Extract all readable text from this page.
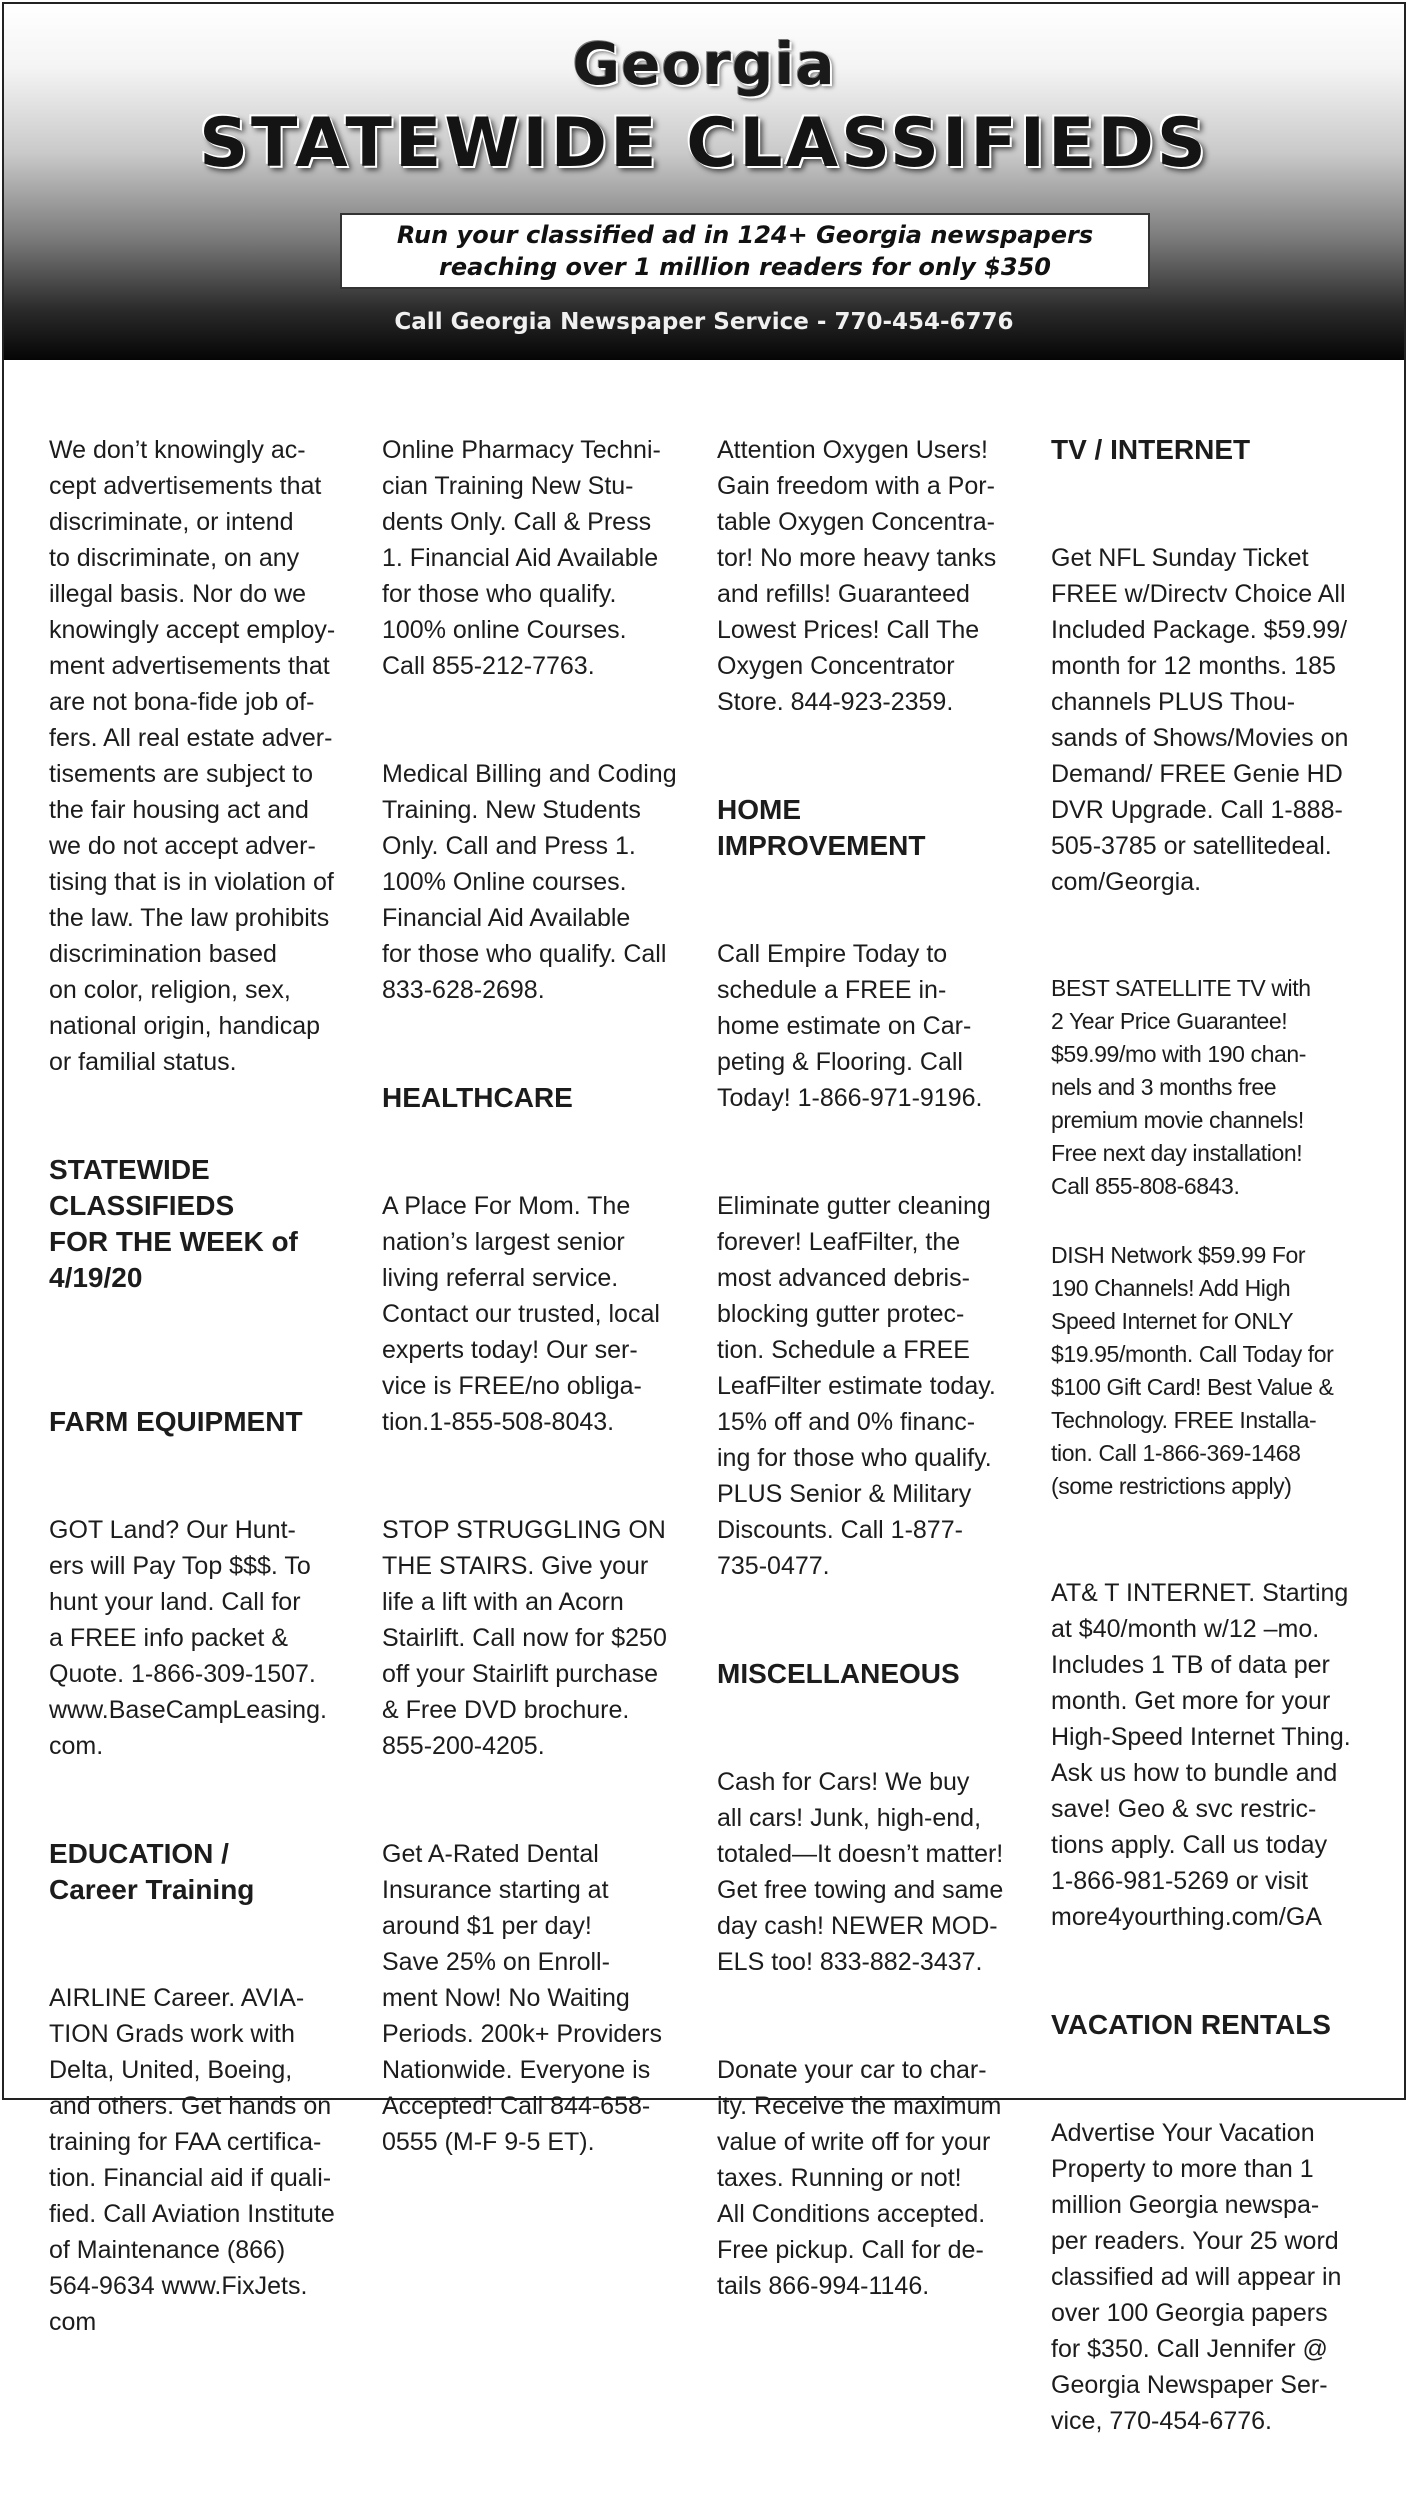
Georgia
STATEWIDE CLASSIFIEDS
Run your classified ad in 124+ Georgia newspapers
reaching over 1 million readers for only $350
Call Georgia Newspaper Service - 770-454-6776

We don’t knowingly ac-
cept advertisements that
discriminate, or intend
to discriminate, on any
illegal basis. Nor do we
knowingly accept employ-
ment advertisements that
are not bona-fide job of-
fers. All real estate adver-
tisements are subject to
the fair housing act and
we do not accept adver-
tising that is in violation of
the law. The law prohibits
discrimination based
on color, religion, sex,
national origin, handicap
or familial status.

STATEWIDE
CLASSIFIEDS
FOR THE WEEK of
4/19/20

FARM EQUIPMENT

GOT Land? Our Hunt-
ers will Pay Top $$$. To
hunt your land. Call for
a FREE info packet &
Quote. 1-866-309-1507.
www.BaseCampLeasing.
com.

EDUCATION /
Career Training

AIRLINE Career. AVIA-
TION Grads work with
Delta, United, Boeing,
and others. Get hands on
training for FAA certifica-
tion. Financial aid if quali-
fied. Call Aviation Institute
of Maintenance (866)
564-9634 www.FixJets.
com

Online Pharmacy Techni-
cian Training New Stu-
dents Only. Call & Press
1. Financial Aid Available
for those who qualify.
100% online Courses.
Call 855-212-7763.

Medical Billing and Coding
Training. New Students
Only. Call and Press 1.
100% Online courses.
Financial Aid Available
for those who qualify. Call
833-628-2698.

HEALTHCARE

A Place For Mom. The
nation’s largest senior
living referral service.
Contact our trusted, local
experts today! Our ser-
vice is FREE/no obliga-
tion.1-855-508-8043.

STOP STRUGGLING ON
THE STAIRS. Give your
life a lift with an Acorn
Stairlift. Call now for $250
off your Stairlift purchase
& Free DVD brochure.
855-200-4205.

Get A-Rated Dental
Insurance starting at
around $1 per day!
Save 25% on Enroll-
ment Now! No Waiting
Periods. 200k+ Providers
Nationwide. Everyone is
Accepted! Call 844-658-
0555 (M-F 9-5 ET).

Attention Oxygen Users!
Gain freedom with a Por-
table Oxygen Concentra-
tor! No more heavy tanks
and refills! Guaranteed
Lowest Prices! Call The
Oxygen Concentrator
Store. 844-923-2359.

HOME
IMPROVEMENT

Call Empire Today to
schedule a FREE in-
home estimate on Car-
peting & Flooring. Call
Today! 1-866-971-9196.

Eliminate gutter cleaning
forever! LeafFilter, the
most advanced debris-
blocking gutter protec-
tion. Schedule a FREE
LeafFilter estimate today.
15% off and 0% financ-
ing for those who qualify.
PLUS Senior & Military
Discounts. Call 1-877-
735-0477.

MISCELLANEOUS

Cash for Cars! We buy
all cars! Junk, high-end,
totaled—It doesn’t matter!
Get free towing and same
day cash! NEWER MOD-
ELS too! 833-882-3437.

Donate your car to char-
ity. Receive the maximum
value of write off for your
taxes. Running or not!
All Conditions accepted.
Free pickup. Call for de-
tails 866-994-1146.

TV / INTERNET

Get NFL Sunday Ticket
FREE w/Directv Choice All
Included Package. $59.99/
month for 12 months. 185
channels PLUS Thou-
sands of Shows/Movies on
Demand/ FREE Genie HD
DVR Upgrade. Call 1-888-
505-3785 or satellitedeal.
com/Georgia.

BEST SATELLITE TV with
2 Year Price Guarantee!
$59.99/mo with 190 chan-
nels and 3 months free
premium movie channels!
Free next day installation!
Call 855-808-6843.

DISH Network $59.99 For
190 Channels! Add High
Speed Internet for ONLY
$19.95/month. Call Today for
$100 Gift Card! Best Value &
Technology. FREE Installa-
tion. Call 1-866-369-1468
(some restrictions apply)

AT& T INTERNET. Starting
at $40/month w/12 –mo.
Includes 1 TB of data per
month. Get more for your
High-Speed Internet Thing.
Ask us how to bundle and
save! Geo & svc restric-
tions apply. Call us today
1-866-981-5269 or visit
more4yourthing.com/GA

VACATION RENTALS

Advertise Your Vacation
Property to more than 1
million Georgia newspa-
per readers. Your 25 word
classified ad will appear in
over 100 Georgia papers
for $350. Call Jennifer @
Georgia Newspaper Ser-
vice, 770-454-6776.
